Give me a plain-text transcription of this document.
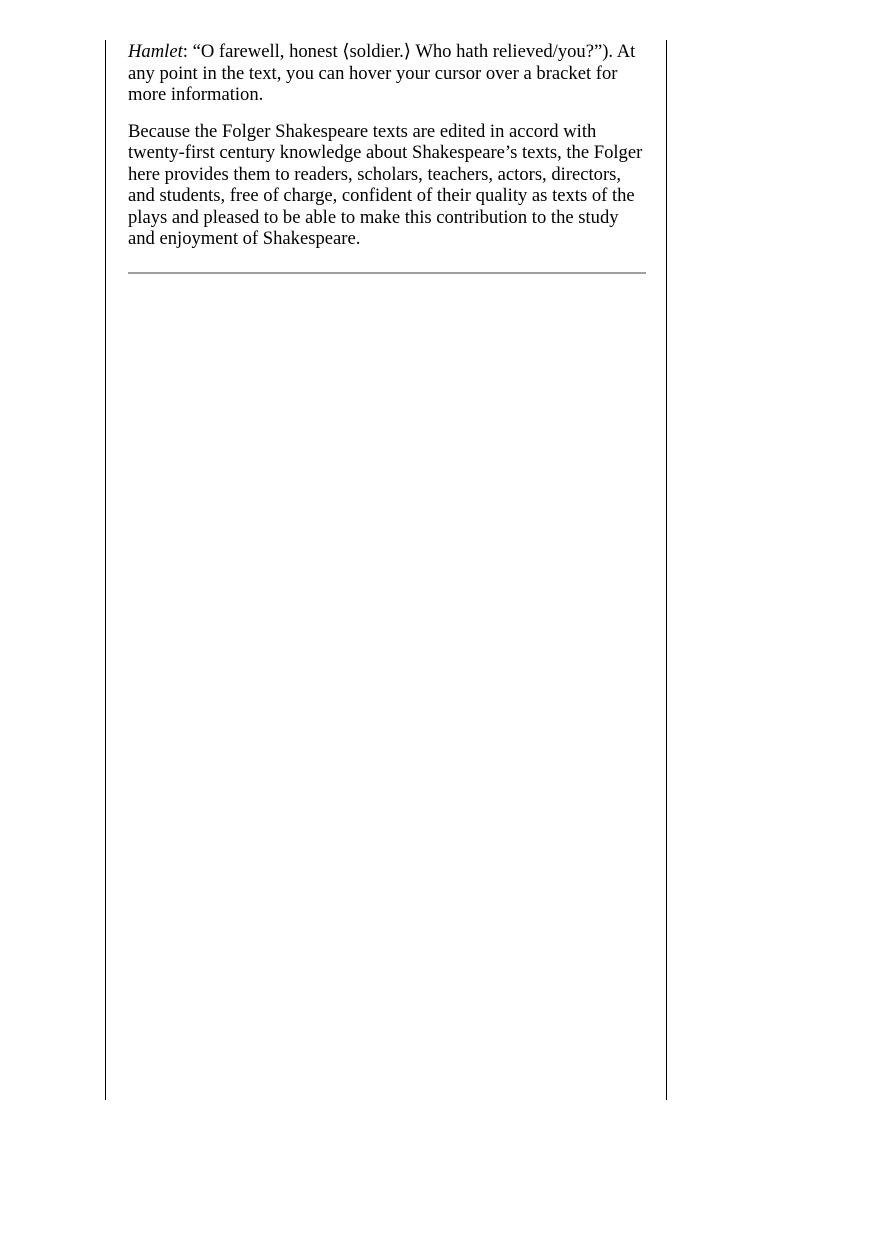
Hamlet: “O farewell, honest ⟨soldier.⟩ Who hath relieved/you?”). At any point in the text, you can hover your cursor over a bracket for more information.

Because the Folger Shakespeare texts are edited in accord with twenty-first century knowledge about Shakespeare’s texts, the Folger here provides them to readers, scholars, teachers, actors, directors, and students, free of charge, confident of their quality as texts of the plays and pleased to be able to make this contribution to the study and enjoyment of Shakespeare.
